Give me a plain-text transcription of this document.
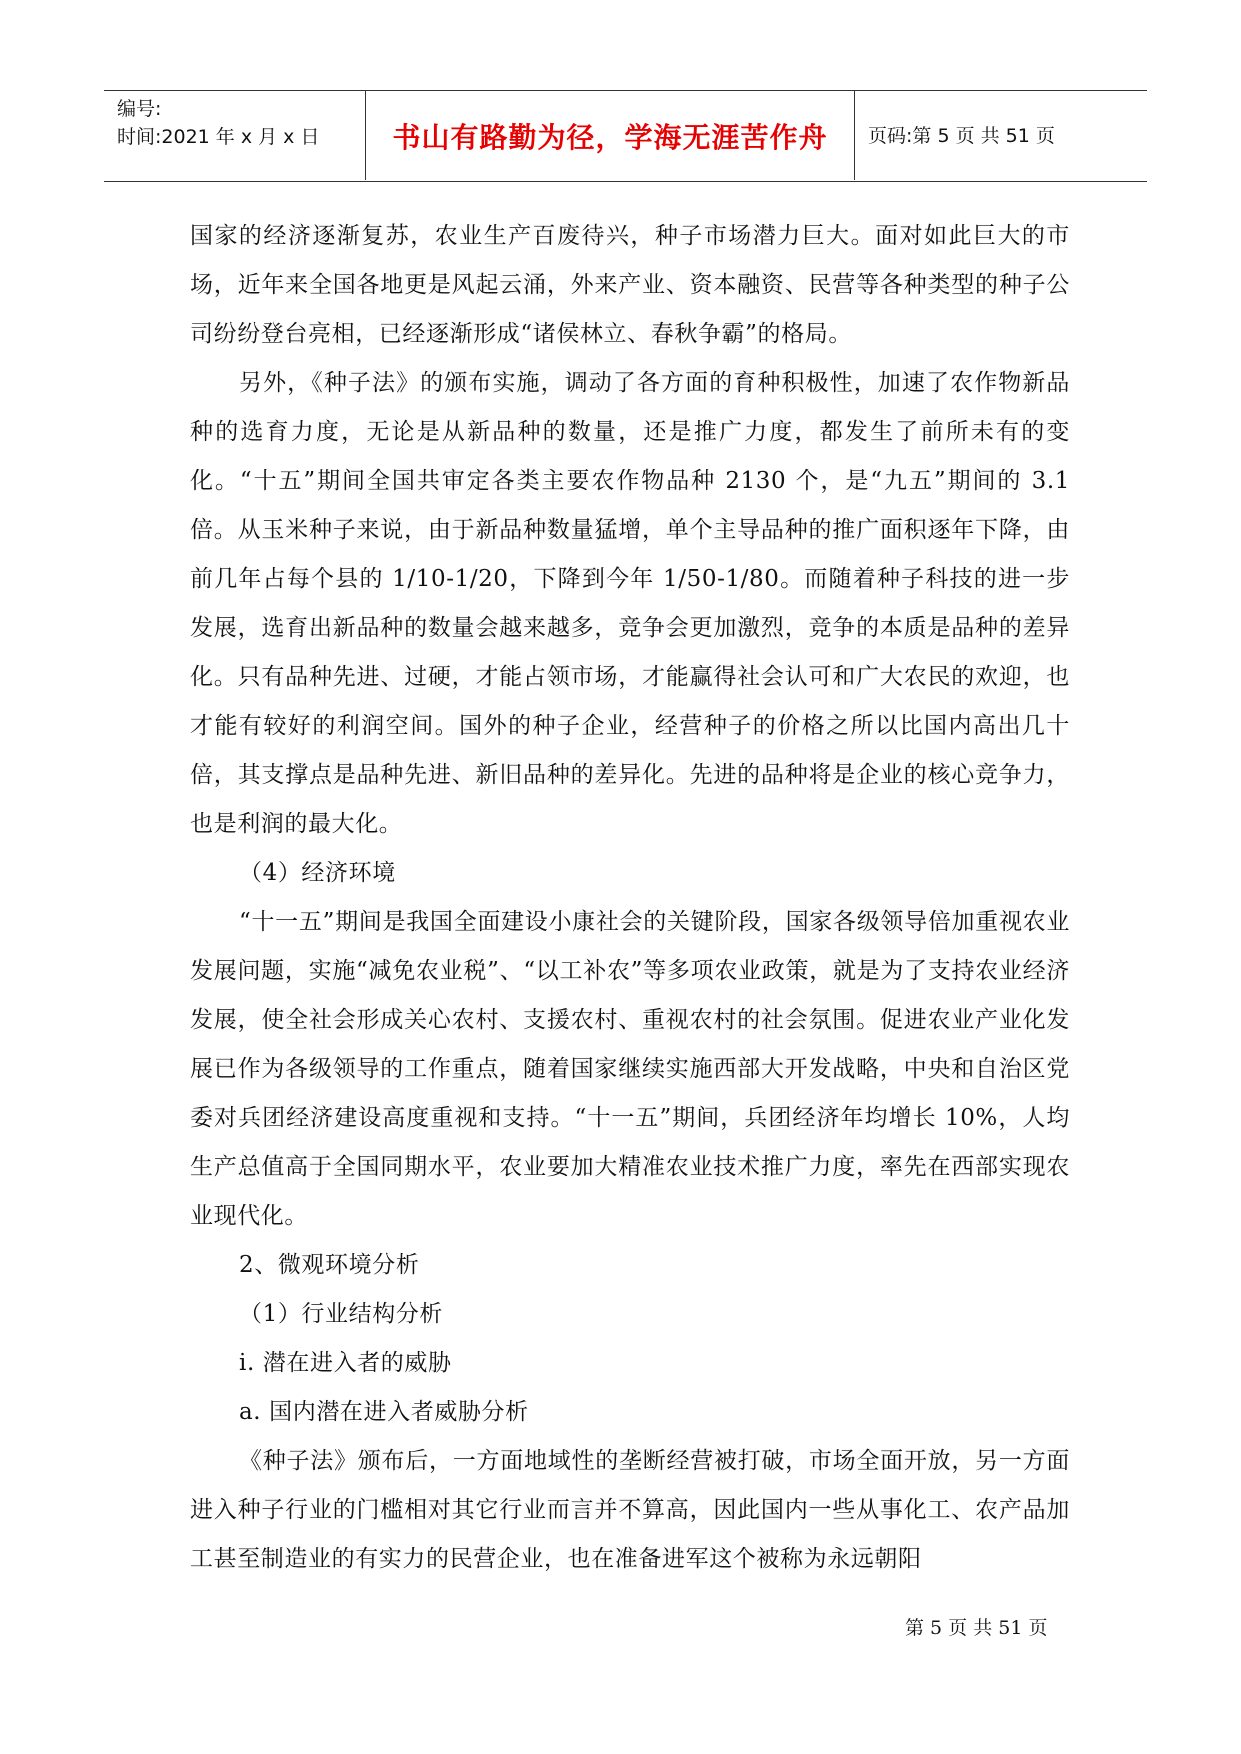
编号:
时间:2021 年 x 月 x 日	书山有路勤为径，学海无涯苦作舟	页码:第 5 页 共 51 页

国家的经济逐渐复苏，农业生产百废待兴，种子市场潜力巨大。面对如此巨大的市场，近年来全国各地更是风起云涌，外来产业、资本融资、民营等各种类型的种子公司纷纷登台亮相，已经逐渐形成“诸侯林立、春秋争霸”的格局。

另外，《种子法》的颁布实施，调动了各方面的育种积极性，加速了农作物新品种的选育力度，无论是从新品种的数量，还是推广力度，都发生了前所未有的变化。“十五”期间全国共审定各类主要农作物品种 2130 个，是“九五”期间的 3.1 倍。从玉米种子来说，由于新品种数量猛增，单个主导品种的推广面积逐年下降，由前几年占每个县的 1/10-1/20，下降到今年 1/50-1/80。而随着种子科技的进一步发展，选育出新品种的数量会越来越多，竞争会更加激烈，竞争的本质是品种的差异化。只有品种先进、过硬，才能占领市场，才能赢得社会认可和广大农民的欢迎，也才能有较好的利润空间。国外的种子企业，经营种子的价格之所以比国内高出几十倍，其支撑点是品种先进、新旧品种的差异化。先进的品种将是企业的核心竞争力，也是利润的最大化。

（4）经济环境

“十一五”期间是我国全面建设小康社会的关键阶段，国家各级领导倍加重视农业发展问题，实施“减免农业税”、“以工补农”等多项农业政策，就是为了支持农业经济发展，使全社会形成关心农村、支援农村、重视农村的社会氛围。促进农业产业化发展已作为各级领导的工作重点，随着国家继续实施西部大开发战略，中央和自治区党委对兵团经济建设高度重视和支持。“十一五”期间，兵团经济年均增长 10%，人均生产总值高于全国同期水平，农业要加大精准农业技术推广力度，率先在西部实现农业现代化。

2、微观环境分析

（1）行业结构分析

i. 潜在进入者的威胁

a. 国内潜在进入者威胁分析

《种子法》颁布后，一方面地域性的垄断经营被打破，市场全面开放，另一方面进入种子行业的门槛相对其它行业而言并不算高，因此国内一些从事化工、农产品加工甚至制造业的有实力的民营企业，也在准备进军这个被称为永远朝阳

第 5 页 共 51 页
